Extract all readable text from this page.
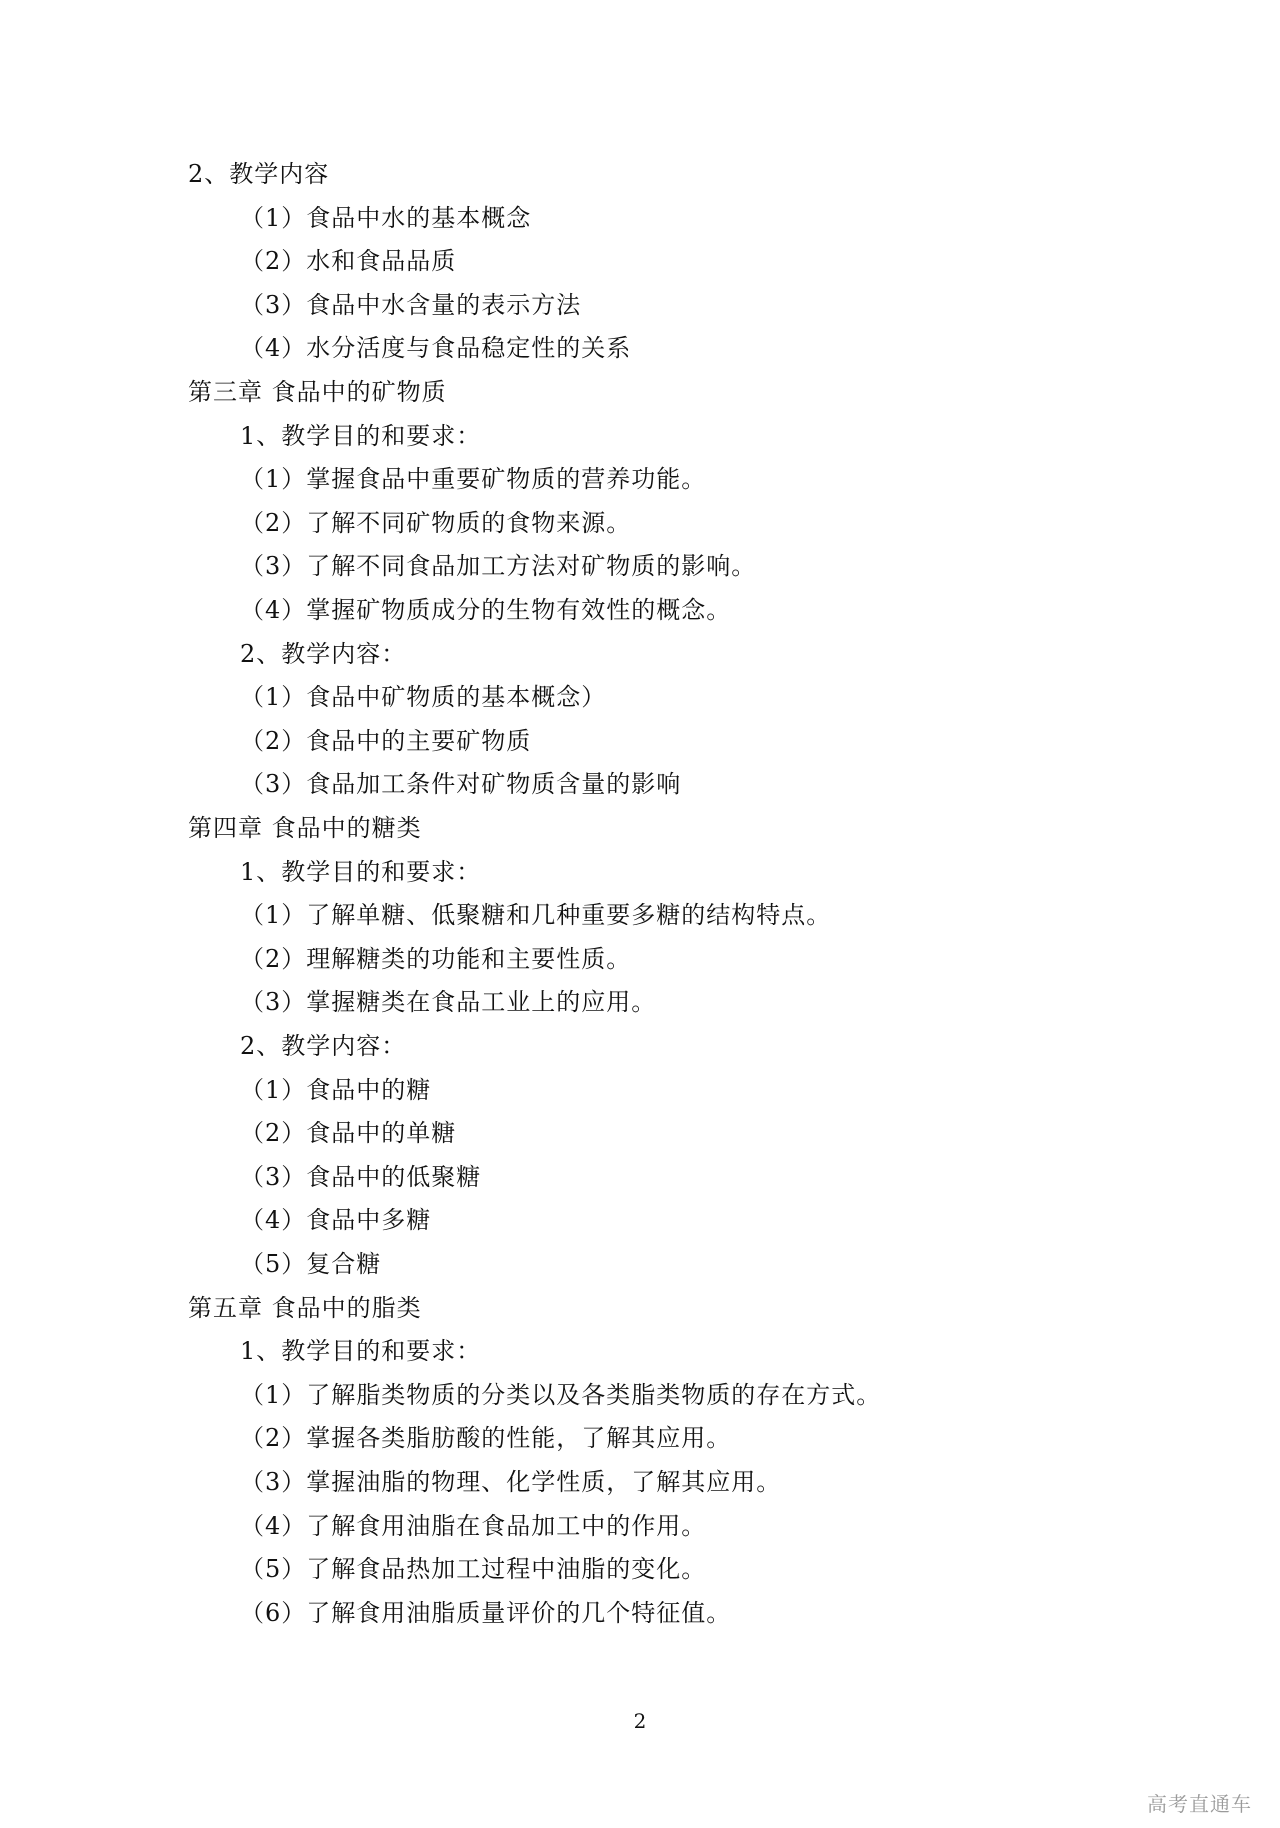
2、教学内容
（1）食品中水的基本概念
（2）水和食品品质
（3）食品中水含量的表示方法
（4）水分活度与食品稳定性的关系
第三章 食品中的矿物质
1、教学目的和要求：
（1）掌握食品中重要矿物质的营养功能。
（2）了解不同矿物质的食物来源。
（3）了解不同食品加工方法对矿物质的影响。
（4）掌握矿物质成分的生物有效性的概念。
2、教学内容：
（1）食品中矿物质的基本概念）
（2）食品中的主要矿物质
（3）食品加工条件对矿物质含量的影响
第四章 食品中的糖类
1、教学目的和要求：
（1）了解单糖、低聚糖和几种重要多糖的结构特点。
（2）理解糖类的功能和主要性质。
（3）掌握糖类在食品工业上的应用。
2、教学内容：
（1）食品中的糖
（2）食品中的单糖
（3）食品中的低聚糖
（4）食品中多糖
（5）复合糖
第五章 食品中的脂类
1、教学目的和要求：
（1）了解脂类物质的分类以及各类脂类物质的存在方式。
（2）掌握各类脂肪酸的性能，了解其应用。
（3）掌握油脂的物理、化学性质，了解其应用。
（4）了解食用油脂在食品加工中的作用。
（5）了解食品热加工过程中油脂的变化。
（6）了解食用油脂质量评价的几个特征值。
2
高考直通车
